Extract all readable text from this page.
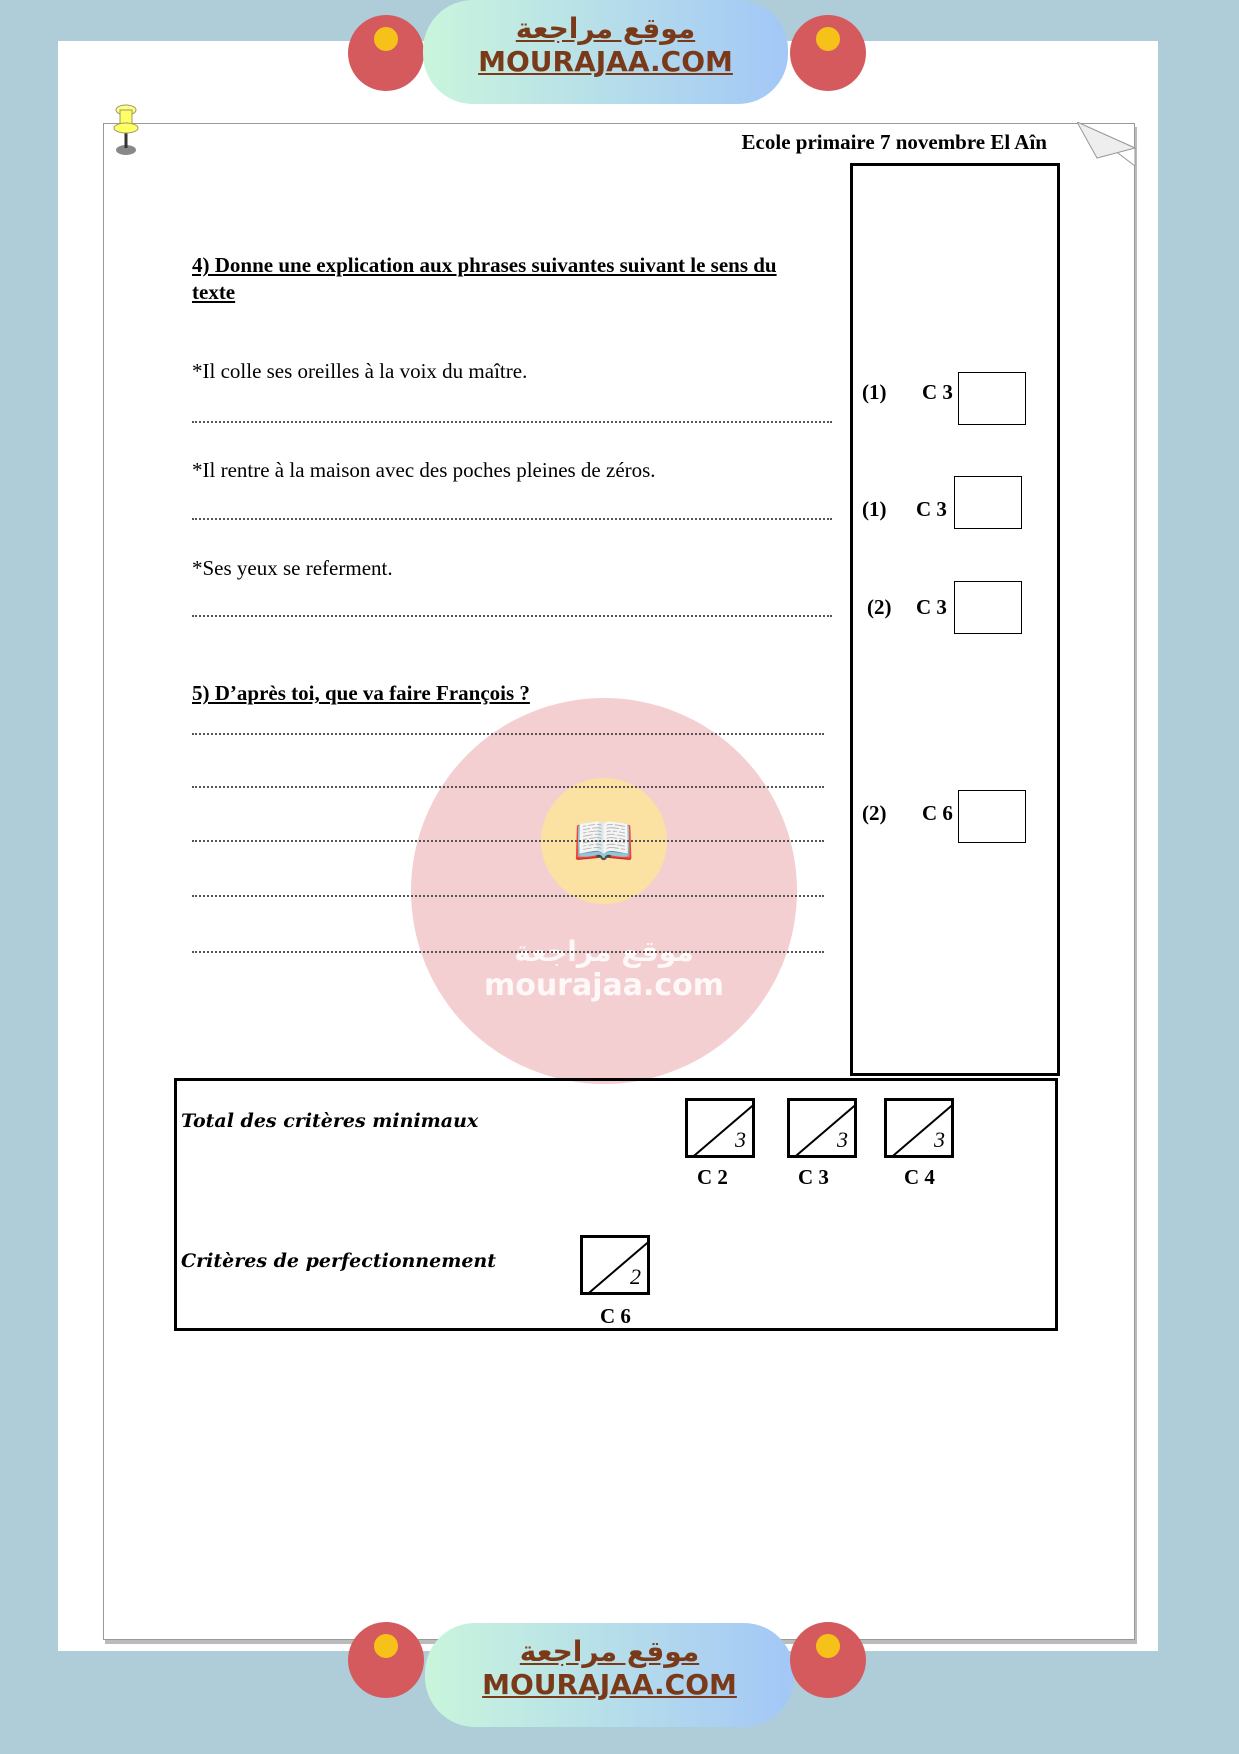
📖
موقع مراجعة
mourajaa.com
موقع مراجعة
MOURAJAA.COM
Ecole primaire 7 novembre El Aîn
4) Donne une explication aux phrases suivantes suivant le sens du
texte
*Il colle ses oreilles à la voix du maître.
*Il rentre à la maison avec des poches pleines de zéros.
*Ses yeux se referment.
5) D’après toi, que va faire François ?
(1) C 3
(1) C 3
(2) C 3
(2) C 6
Total des critères minimaux
Critères de perfectionnement
3
C 2
3
C 3
3
C 4
2
C 6
موقع مراجعة
MOURAJAA.COM
